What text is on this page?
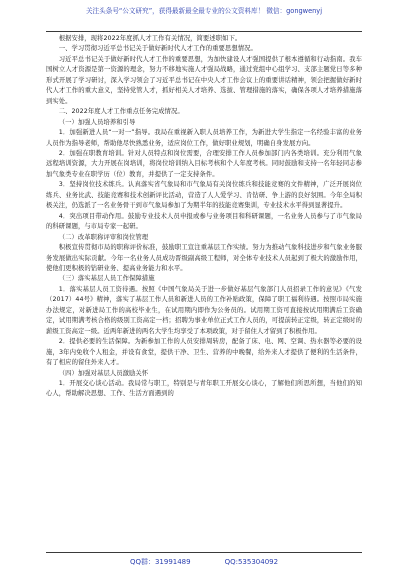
关注头条号“公文研究”，获得最新最全最专业的公文资料库！ 微信：gongwenyj

根据安排，现将2022年度抓人才工作有关情况，简要述职如下。

一、学习贯彻习近平总书记关于做好新时代人才工作的重要思想情况。

习近平总书记关于做好新时代人才工作的重要思想，为加快建设人才强国提供了根本遵循和行动指南。我车国树立人才资源是第一资源的理念，努力不移地实施人才强局战略，通过党组中心组学习、支部主题党日等多种形式开展了学习研讨，深入学习领会了习近平总书记在中央人才工作会议上的重要讲话精神，领会把握做好新时代人才工作的重大意义，坚持党管人才，抓好相关人才培养、选拔、管理措施的落实，确保各项人才培养措施落到实处。

二、2022年度人才工作重点任务完成情况。

（一）加强人员培养和引导

1．加强新进人员“一对一”指导。我局在重视新入职人员培养工作，为新进大学生指定一名经验丰富的业务人员作为指导老师，帮助他尽快熟悉业务，适应岗位工作，做好职业规划，明确自身发展方向。

2．加强在职教育培训。针对人员特点和岗位需要，合理安排工作人员参加部门内各类培训。充分利用气象远程培训资源，大力开展在岗培训，将岗位培训纳入目标考核和个人年度考核。同时鼓励和支持一名年轻同志参加气象类专业在职学历（位）教育，并提供了一定支持条件。

3．坚持岗位技术练兵。认真落实省气象局和市气象局有关岗位练兵和技能竞赛的文件精神，广泛开展岗位练兵、业务比武、技能竞赛和技术创新评比活动，营造了人人爱学习、肯钻研、争上游的良好氛围。今年全局积极关注，仍选派了一名业务骨干到市气象局参加了为期半年的技能竞赛集训，专业技术水平得到显著提升。

4．突出项目带动作用。鼓励专业技术人员申报或参与业务项目和科研课题，一名业务人员参与了市气象局的科研课题，与市局专家一起研。

（二）改革职称评审和岗位管理

积极宣传贯彻市局的职称评价标准，鼓励职工宣注重基层工作实绩。努力为推动气象科技进步和气象业务服务发展做出实际贡献。今年一名业务人员成功晋级副高级工程师，对全体专业技术人员起到了极大的激励作用，使他们更积极的钻研业务、提高业务能力和水平。

（三）落实基层人员工作保障措施

1．落实基层人员工资待遇。按照《中国气象局关于进一步做好基层气象部门人员招录工作的意见》《气发（2017）44号》精神，落实了基层工作人员和新进人员的工作补贴政策，保障了职工福利待遇。按照市局实施办法规定，对新进局工作的高校毕业生，在试用期内即作为公务员的。试用期工资可直接按试用期满后工资确定，试用期满考核合格的级别工资高定一档；招聘为事业单位正式工作人员的，可提前转正定级，转正定级时的薪级工资高定一级。近两年新进的两名大学生均享受了本项政策，对于留住人才留到了积极作用。

2．提供必要的生活保障。为新参加工作的人员安排周转房，配备了床、电、网、空调、热水器等必要的设施，3年内免收个人租金，并设有食堂，提供干净、卫生、营养的中晚餐，给外来人才提供了便利的生活条件，有了相应的留住外来人才。

（四）加强对基层人员激励关怀

1．开展交心谈心活动。我局常与职工，特别是与青年职工开展交心谈心，了解他们所思所想，当他们的知心人，帮助解决思想、工作、生活方面遇到的

QQ群：31991489	QQ:535304092
